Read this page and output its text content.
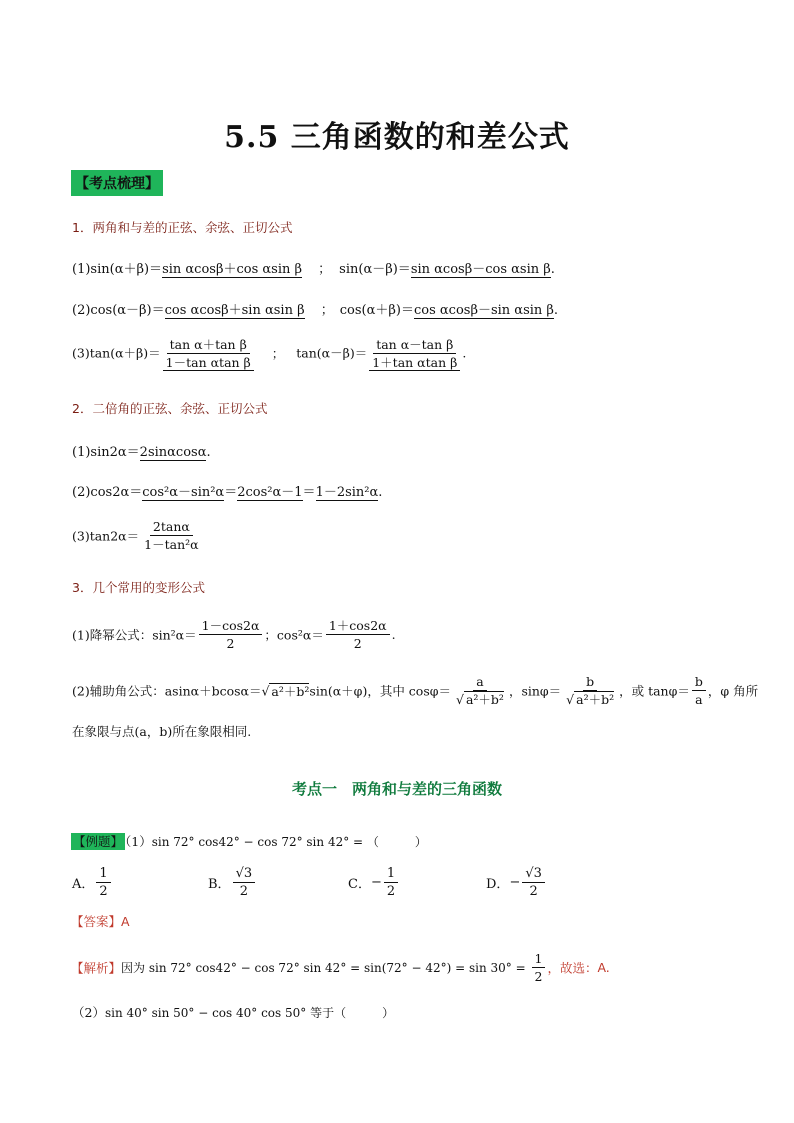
5.5 三角函数的和差公式
【考点梳理】
1．两角和与差的正弦、余弦、正切公式
(1)sin(α＋β)＝sin αcosβ＋cos αsin β ； sin(α－β)＝sin αcosβ－cos αsin β.
(2)cos(α－β)＝cos αcosβ＋sin αsin β ； cos(α＋β)＝cos αcosβ－sin αsin β.
$(3)\tan(\alpha+\beta)= \frac{\text{tan α＋tan β}}{\text{1－tan αtan β}}$ ； $\tan(\alpha-\beta)= \frac{\text{tan α－tan β}}{\text{1＋tan αtan β}}$ .
2．二倍角的正弦、余弦、正切公式
(1)sin2α＝2sinαcosα.
(2)cos2α＝cos²α－sin²α＝2cos²α－1＝1－2sin²α.
$(3)\tan 2\alpha= \frac{2\tan\alpha}{\text{1－tan²α}}$
3．几个常用的变形公式
(1)降幂公式：$\sin^2\alpha= \frac{1-\cos 2\alpha}{2}$ ；$\cos^2\alpha= \frac{1+\cos 2\alpha}{2}$ .
(2)辅助角公式：asinα＋bcosα＝√ a²＋b²sin(α＋φ)，其中 $\cos\varphi= \frac{a}{\text{√ a²＋b²}}$ ，$\sin\varphi= \frac{b}{\text{√ a²＋b²}}$ ，或 $\tan\varphi= \frac{b}{a}$ ，φ 角所
在象限与点(a，b)所在象限相同.
考点一　两角和与差的三角函数
【例题】 （1）sin 72° cos42° − cos 72° sin 42° = （　　　）
A． $\frac{1}{2}$	B． $\frac{√3}{2}$	C．− $\frac{1}{2}$	D．− $\frac{√3}{2}$
【答案】A
【解析】因为 sin 72° cos42° − cos 72° $\sin 42^\circ = \sin(72^\circ - 42^\circ) = \sin 30^\circ = \frac{1}{2}$ ，故选：A.
（2）sin 40° sin 50° − cos 40° cos 50° 等于（　　　）
